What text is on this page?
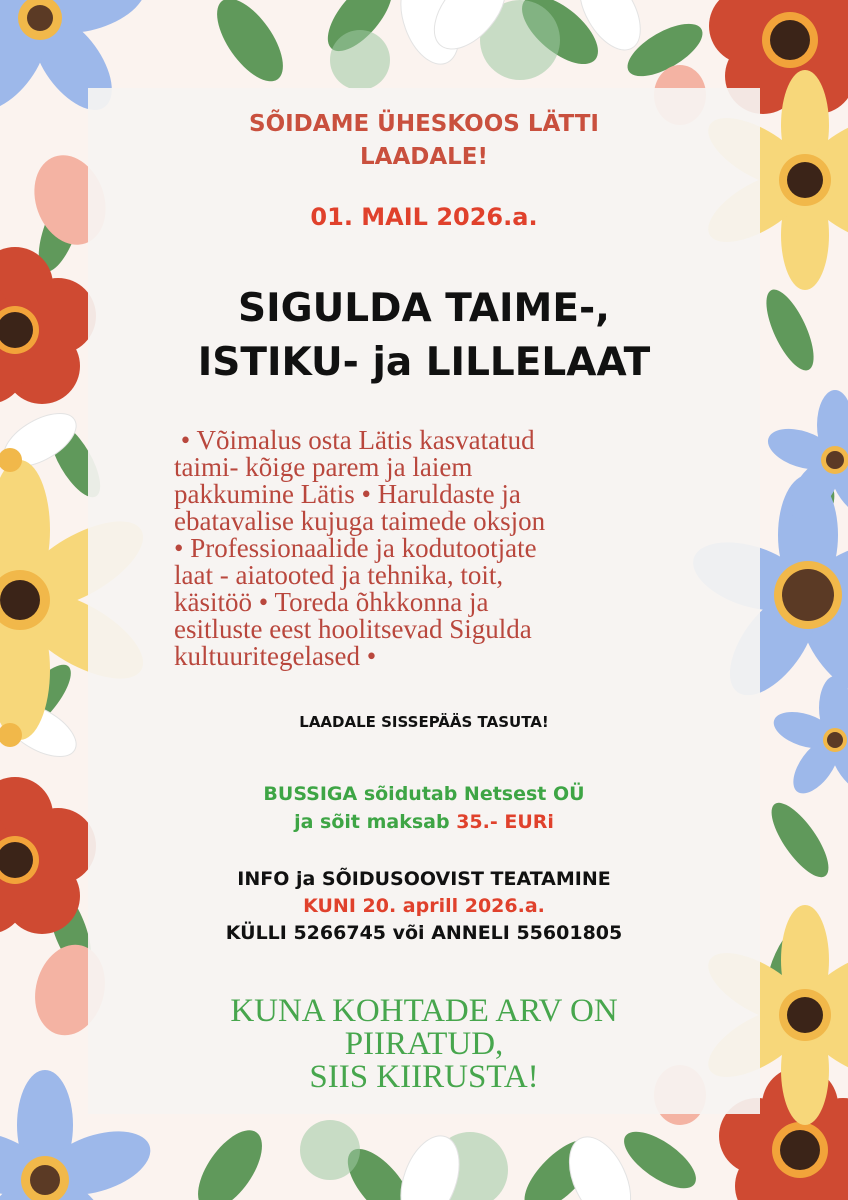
SÕIDAME ÜHESKOOS LÄTTI
LAADALE!
01. MAIL 2026.a.
SIGULDA TAIME-,
ISTIKU- ja LILLELAAT
• Võimalus osta Lätis kasvatatud
taimi- kõige parem ja laiem
pakkumine Lätis • Haruldaste ja
ebatavalise kujuga taimede oksjon
• Professionaalide ja kodutootjate
laat - aiatooted ja tehnika, toit,
käsitöö • Toreda õhkkonna ja
esitluste eest hoolitsevad Sigulda
kultuuritegelased •
LAADALE SISSEPÄÄS TASUTA!
BUSSIGA sõidutab Netsest OÜ
ja sõit maksab 35.- EURi
INFO ja SÕIDUSOOVIST TEATAMINE
KUNI 20. aprill 2026.a.
KÜLLI 5266745 või ANNELI 55601805
KUNA KOHTADE ARV ON
PIIRATUD,
SIIS KIIRUSTA!
